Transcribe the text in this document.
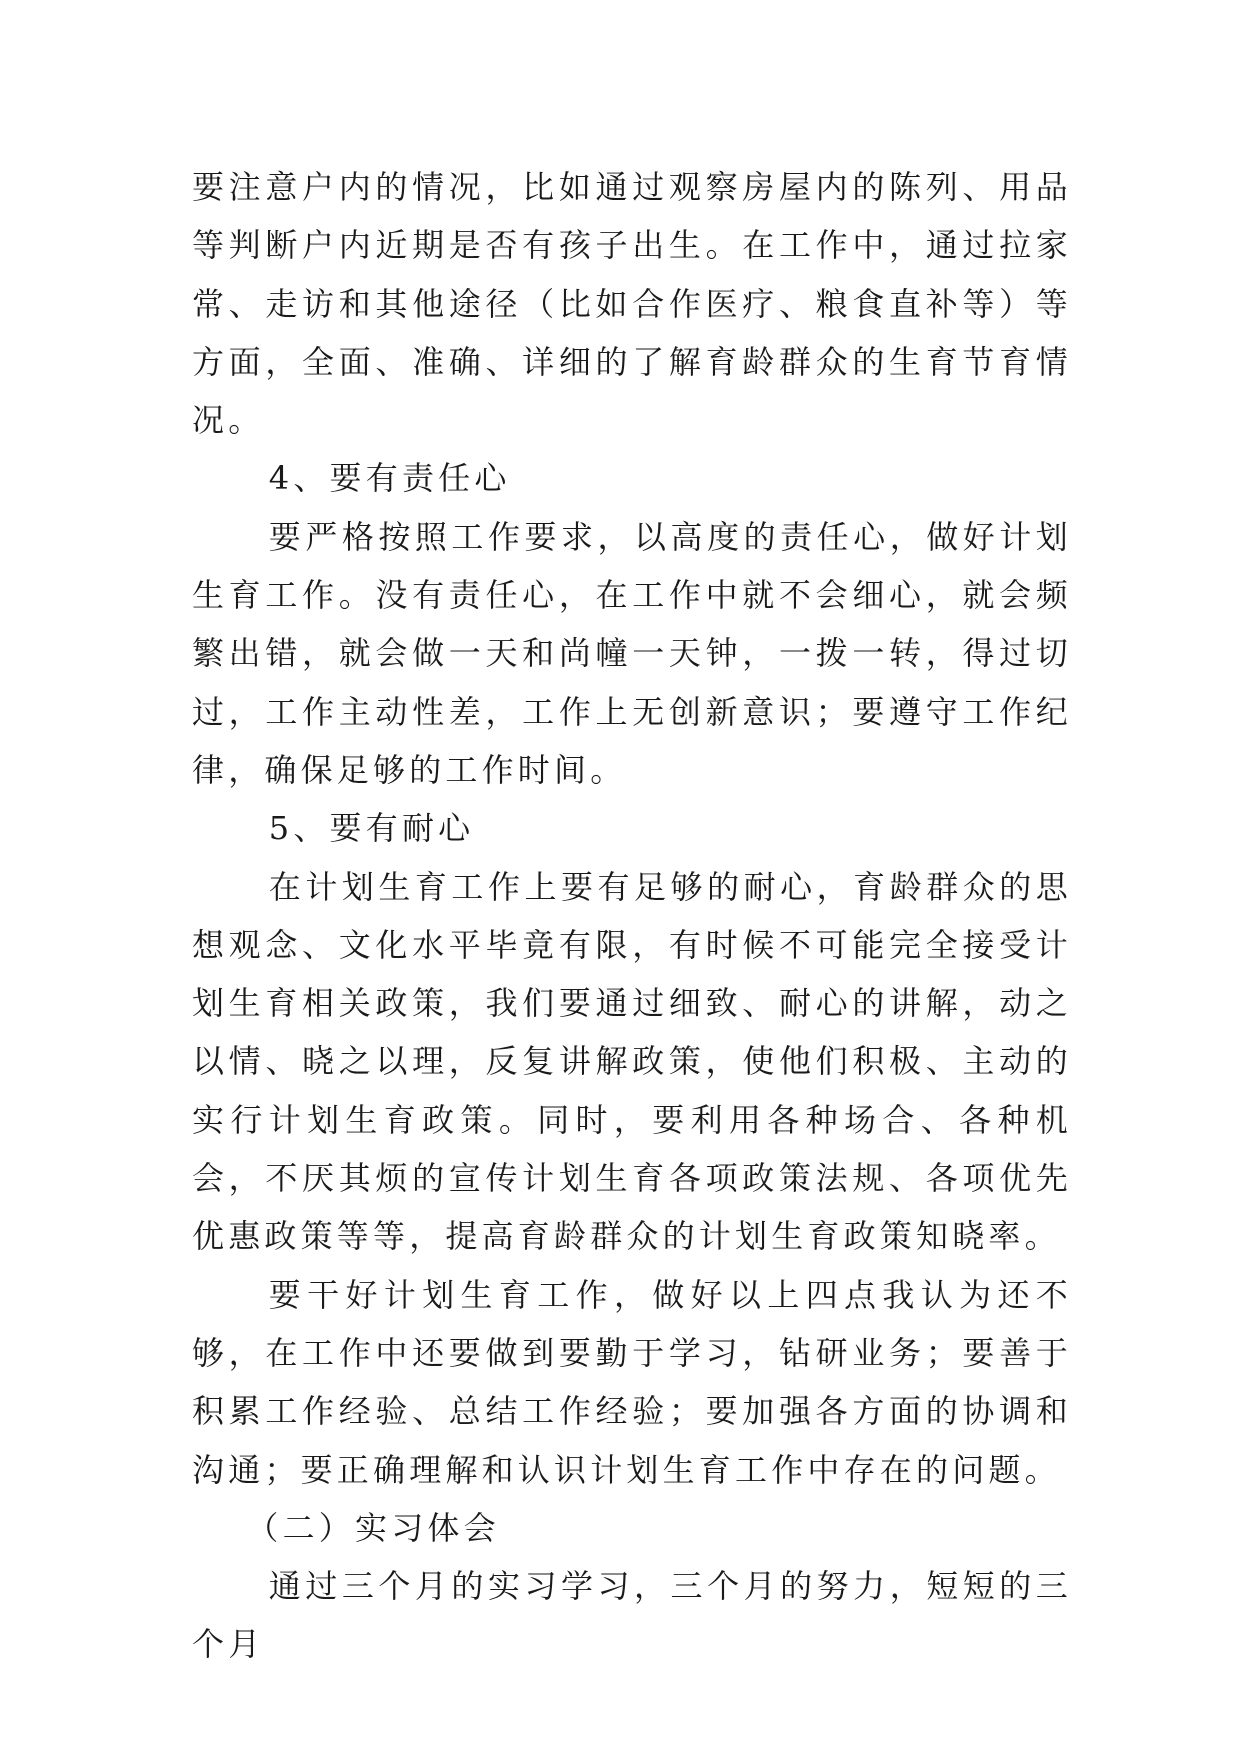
要注意户内的情况，比如通过观察房屋内的陈列、用品等判断户内近期是否有孩子出生。在工作中，通过拉家常、走访和其他途径（比如合作医疗、粮食直补等）等方面，全面、准确、详细的了解育龄群众的生育节育情况。

4、要有责任心

要严格按照工作要求，以高度的责任心，做好计划生育工作。没有责任心，在工作中就不会细心，就会频繁出错，就会做一天和尚幢一天钟，一拨一转，得过切过，工作主动性差，工作上无创新意识；要遵守工作纪律，确保足够的工作时间。

5、要有耐心

在计划生育工作上要有足够的耐心，育龄群众的思想观念、文化水平毕竟有限，有时候不可能完全接受计划生育相关政策，我们要通过细致、耐心的讲解，动之以情、晓之以理，反复讲解政策，使他们积极、主动的实行计划生育政策。同时，要利用各种场合、各种机会，不厌其烦的宣传计划生育各项政策法规、各项优先优惠政策等等，提高育龄群众的计划生育政策知晓率。

要干好计划生育工作，做好以上四点我认为还不够，在工作中还要做到要勤于学习，钻研业务；要善于积累工作经验、总结工作经验；要加强各方面的协调和沟通；要正确理解和认识计划生育工作中存在的问题。

（二）实习体会

通过三个月的实习学习，三个月的努力，短短的三个月
